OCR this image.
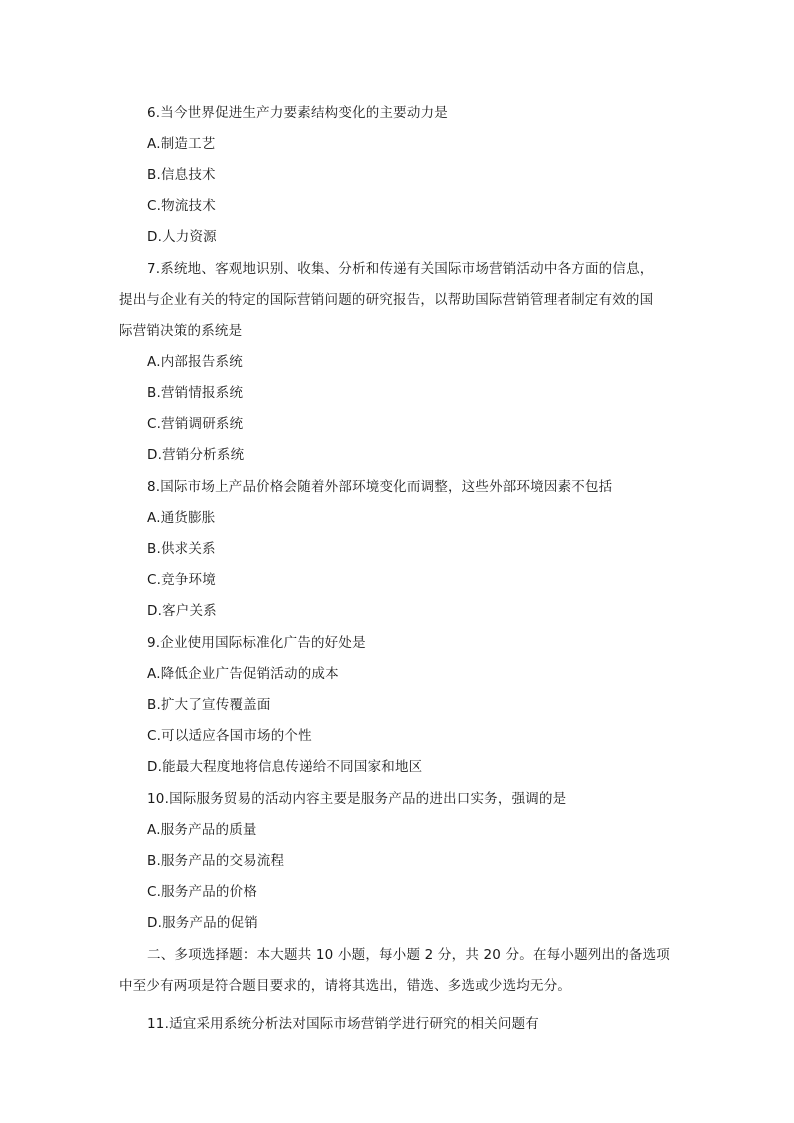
6.当今世界促进生产力要素结构变化的主要动力是
A.制造工艺
B.信息技术
C.物流技术
D.人力资源
7.系统地、客观地识别、收集、分析和传递有关国际市场营销活动中各方面的信息，
提出与企业有关的特定的国际营销问题的研究报告，以帮助国际营销管理者制定有效的国
际营销决策的系统是
A.内部报告系统
B.营销情报系统
C.营销调研系统
D.营销分析系统
8.国际市场上产品价格会随着外部环境变化而调整，这些外部环境因素不包括
A.通货膨胀
B.供求关系
C.竞争环境
D.客户关系
9.企业使用国际标准化广告的好处是
A.降低企业广告促销活动的成本
B.扩大了宣传覆盖面
C.可以适应各国市场的个性
D.能最大程度地将信息传递给不同国家和地区
10.国际服务贸易的活动内容主要是服务产品的进出口实务，强调的是
A.服务产品的质量
B.服务产品的交易流程
C.服务产品的价格
D.服务产品的促销
二、多项选择题：本大题共 10 小题，每小题 2 分，共 20 分。在每小题列出的备选项
中至少有两项是符合题目要求的，请将其选出，错选、多选或少选均无分。
11.适宜采用系统分析法对国际市场营销学进行研究的相关问题有
